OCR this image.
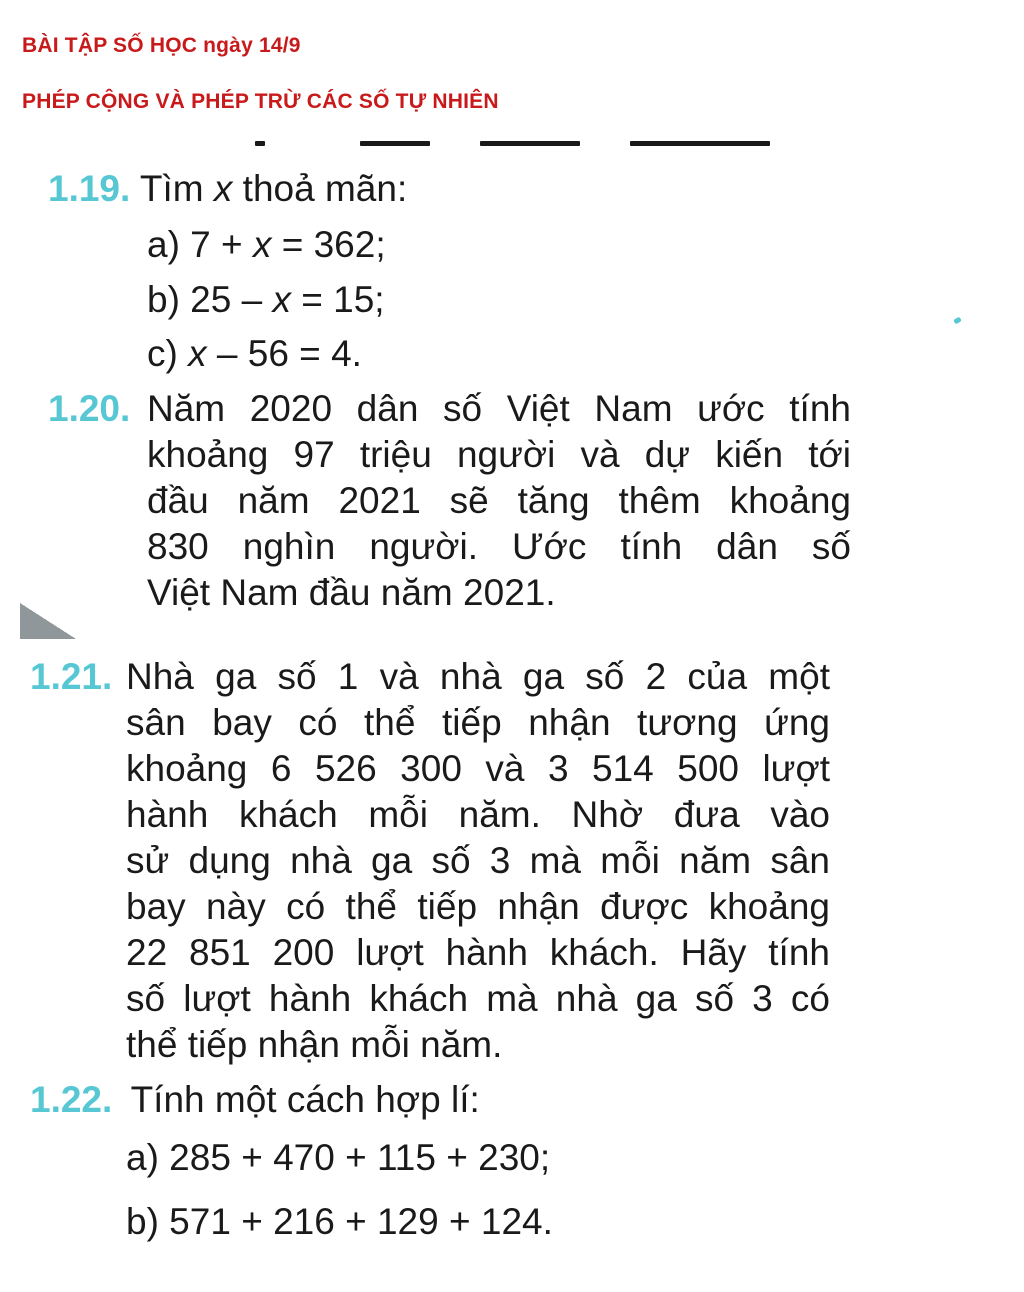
BÀI TẬP SỐ HỌC ngày 14/9

PHÉP CỘNG VÀ PHÉP TRỪ CÁC SỐ TỰ NHIÊN

1.19. Tìm x thoả mãn:
a) 7 + x = 362;
b) 25 – x = 15;
c) x – 56 = 4.
1.20. Năm 2020 dân số Việt Nam ước tính
khoảng 97 triệu người và dự kiến tới
đầu năm 2021 sẽ tăng thêm khoảng
830 nghìn người. Ước tính dân số
Việt Nam đầu năm 2021.
1.21. Nhà ga số 1 và nhà ga số 2 của một
sân bay có thể tiếp nhận tương ứng
khoảng 6 526 300 và 3 514 500 lượt
hành khách mỗi năm. Nhờ đưa vào
sử dụng nhà ga số 3 mà mỗi năm sân
bay này có thể tiếp nhận được khoảng
22 851 200 lượt hành khách. Hãy tính
số lượt hành khách mà nhà ga số 3 có
thể tiếp nhận mỗi năm.
1.22. Tính một cách hợp lí:
a) 285 + 470 + 115 + 230;
b) 571 + 216 + 129 + 124.
